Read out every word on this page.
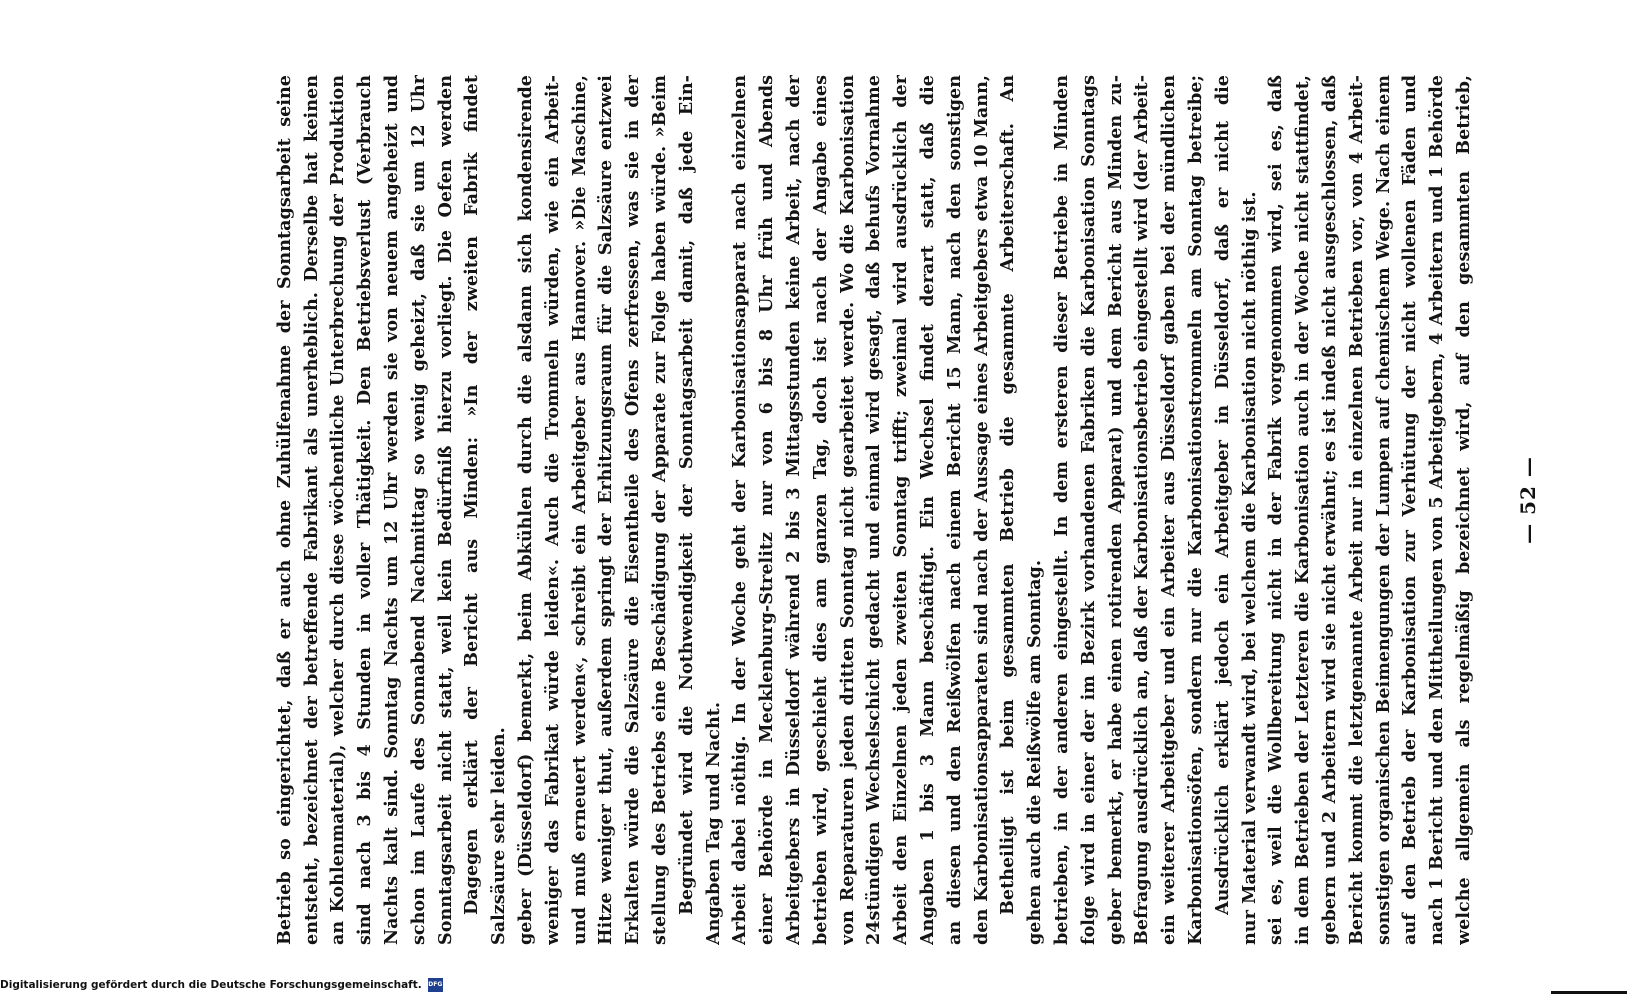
— 52 —
welche allgemein als regelmäßig bezeichnet wird, auf den gesammten Betrieb,
nach 1 Bericht und den Mittheilungen von 5 Arbeitgebern, 4 Arbeitern und 1 Behörde
auf den Betrieb der Karbonisation zur Verhütung der nicht wollenen Fäden und
sonstigen organischen Beimengungen der Lumpen auf chemischem Wege. Nach einem
Bericht kommt die letztgenannte Arbeit nur in einzelnen Betrieben vor, von 4 Arbeit-
gebern und 2 Arbeitern wird sie nicht erwähnt; es ist indeß nicht ausgeschlossen, daß
in dem Betrieben der Letzteren die Karbonisation auch in der Woche nicht stattfindet,
sei es, weil die Wollbereitung nicht in der Fabrik vorgenommen wird, sei es, daß
nur Material verwandt wird, bei welchem die Karbonisation nicht nöthig ist.
Ausdrücklich erklärt jedoch ein Arbeitgeber in Düsseldorf, daß er nicht die
Karbonisationsöfen, sondern nur die Karbonisationstrommeln am Sonntag betreibe;
ein weiterer Arbeitgeber und ein Arbeiter aus Düsseldorf gaben bei der mündlichen
Befragung ausdrücklich an, daß der Karbonisationsbetrieb eingestellt wird (der Arbeit-
geber bemerkt, er habe einen rotirenden Apparat) und dem Bericht aus Minden zu-
folge wird in einer der im Bezirk vorhandenen Fabriken die Karbonisation Sonntags
betrieben, in der anderen eingestellt. In dem ersteren dieser Betriebe in Minden
gehen auch die Reißwölfe am Sonntag.
Betheiligt ist beim gesammten Betrieb die gesammte Arbeiterschaft. An
den Karbonisationsapparaten sind nach der Aussage eines Arbeitgebers etwa 10 Mann,
an diesen und den Reißwölfen nach einem Bericht 15 Mann, nach den sonstigen
Angaben 1 bis 3 Mann beschäftigt. Ein Wechsel findet derart statt, daß die
Arbeit den Einzelnen jeden zweiten Sonntag trifft; zweimal wird ausdrücklich der
24stündigen Wechselschicht gedacht und einmal wird gesagt, daß behufs Vornahme
von Reparaturen jeden dritten Sonntag nicht gearbeitet werde. Wo die Karbonisation
betrieben wird, geschieht dies am ganzen Tag, doch ist nach der Angabe eines
Arbeitgebers in Düsseldorf während 2 bis 3 Mittagsstunden keine Arbeit, nach der
einer Behörde in Mecklenburg-Strelitz nur von 6 bis 8 Uhr früh und Abends
Arbeit dabei nöthig. In der Woche geht der Karbonisationsapparat nach einzelnen
Angaben Tag und Nacht.
Begründet wird die Nothwendigkeit der Sonntagsarbeit damit, daß jede Ein-
stellung des Betriebs eine Beschädigung der Apparate zur Folge haben würde. »Beim
Erkalten würde die Salzsäure die Eisentheile des Ofens zerfressen, was sie in der
Hitze weniger thut, außerdem springt der Erhitzungsraum für die Salzsäure entzwei
und muß erneuert werden«, schreibt ein Arbeitgeber aus Hannover. »Die Maschine,
weniger das Fabrikat würde leiden«. Auch die Trommeln würden, wie ein Arbeit-
geber (Düsseldorf) bemerkt, beim Abkühlen durch die alsdann sich kondensirende
Salzsäure sehr leiden.
Dagegen erklärt der Bericht aus Minden: »In der zweiten Fabrik findet
Sonntagsarbeit nicht statt, weil kein Bedürfniß hierzu vorliegt. Die Oefen werden
schon im Laufe des Sonnabend Nachmittag so wenig geheizt, daß sie um 12 Uhr
Nachts kalt sind. Sonntag Nachts um 12 Uhr werden sie von neuem angeheizt und
sind nach 3 bis 4 Stunden in voller Thätigkeit. Den Betriebsverlust (Verbrauch
an Kohlenmaterial), welcher durch diese wöchentliche Unterbrechung der Produktion
entsteht, bezeichnet der betreffende Fabrikant als unerheblich. Derselbe hat keinen
Betrieb so eingerichtet, daß er auch ohne Zuhülfenahme der Sonntagsarbeit seine
Digitalisierung gefördert durch die Deutsche Forschungsgemeinschaft. DFG
